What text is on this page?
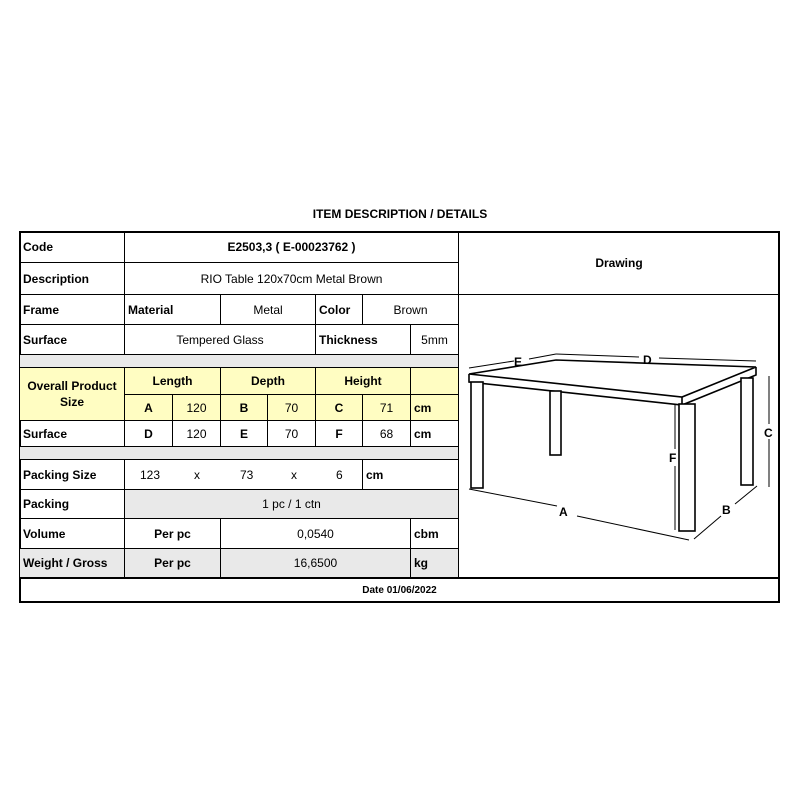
ITEM DESCRIPTION / DETAILS
Code	E2503,3 ( E-00023762 )
Description	RIO Table 120x70cm Metal Brown
Drawing
Frame	Material	Metal	Color	Brown
Surface	Tempered Glass	Thickness	5mm
Overall Product Size
Length	Depth	Height
A	120	B	70	C	71	cm
Surface	D	120	E	70	F	68	cm
Packing Size	123	x	73	x	6	cm
Packing	1 pc / 1 ctn
Volume	Per pc	0,0540	cbm
Weight / Gross	Per pc	16,6500	kg
Date 01/06/2022
E	D
C
F
A	B
